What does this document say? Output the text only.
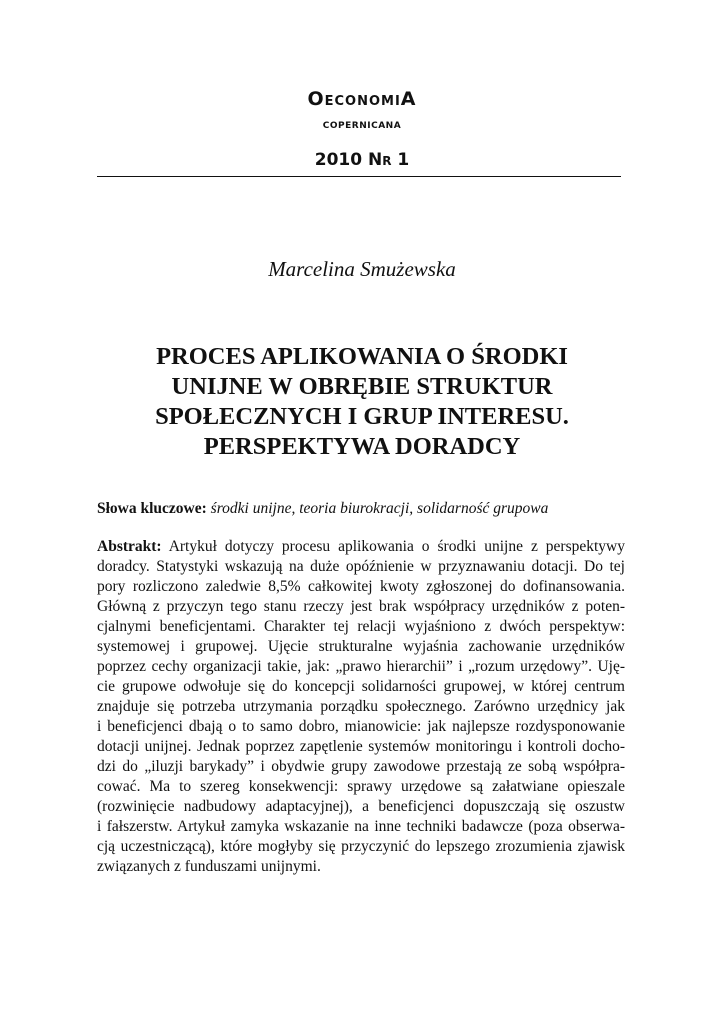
OeconomiA
copernicana
2010 Nr 1
Marcelina Smużewska
PROCES APLIKOWANIA O ŚRODKI
UNIJNE W OBRĘBIE STRUKTUR
SPOŁECZNYCH I GRUP INTERESU.
PERSPEKTYWA DORADCY
Słowa kluczowe: środki unijne, teoria biurokracji, solidarność grupowa
Abstrakt: Artykuł dotyczy procesu aplikowania o środki unijne z perspektywy
doradcy. Statystyki wskazują na duże opóźnienie w przyznawaniu dotacji. Do tej
pory rozliczono zaledwie 8,5% całkowitej kwoty zgłoszonej do dofinansowania.
Główną z przyczyn tego stanu rzeczy jest brak współpracy urzędników z poten-
cjalnymi beneficjentami. Charakter tej relacji wyjaśniono z dwóch perspektyw:
systemowej i grupowej. Ujęcie strukturalne wyjaśnia zachowanie urzędników
poprzez cechy organizacji takie, jak: „prawo hierarchii” i „rozum urzędowy”. Uję-
cie grupowe odwołuje się do koncepcji solidarności grupowej, w której centrum
znajduje się potrzeba utrzymania porządku społecznego. Zarówno urzędnicy jak
i beneficjenci dbają o to samo dobro, mianowicie: jak najlepsze rozdysponowanie
dotacji unijnej. Jednak poprzez zapętlenie systemów monitoringu i kontroli docho-
dzi do „iluzji barykady” i obydwie grupy zawodowe przestają ze sobą współpra-
cować. Ma to szereg konsekwencji: sprawy urzędowe są załatwiane opieszale
(rozwinięcie nadbudowy adaptacyjnej), a beneficjenci dopuszczają się oszustw
i fałszerstw. Artykuł zamyka wskazanie na inne techniki badawcze (poza obserwa-
cją uczestniczącą), które mogłyby się przyczynić do lepszego zrozumienia zjawisk
związanych z funduszami unijnymi.
